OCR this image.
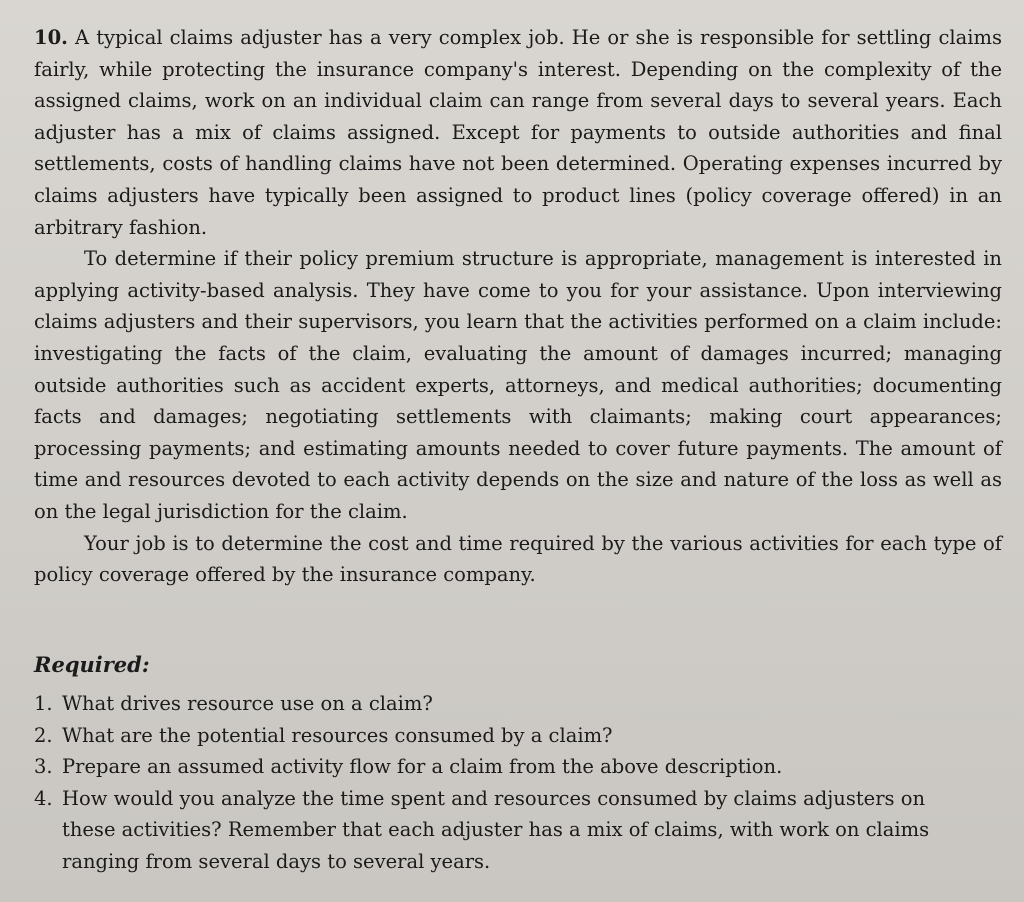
10. A typical claims adjuster has a very complex job. He or she is responsible for settling claims fairly, while protecting the insurance company's interest. Depending on the complexity of the assigned claims, work on an individual claim can range from several days to several years. Each adjuster has a mix of claims assigned. Except for payments to outside authorities and final settlements, costs of handling claims have not been determined. Operating expenses incurred by claims adjusters have typically been assigned to product lines (policy coverage offered) in an arbitrary fashion.

To determine if their policy premium structure is appropriate, management is interested in applying activity-based analysis. They have come to you for your assistance. Upon interviewing claims adjusters and their supervisors, you learn that the activities performed on a claim include: investigating the facts of the claim, evaluating the amount of damages incurred; managing outside authorities such as accident experts, attorneys, and medical authorities; documenting facts and damages; negotiating settlements with claimants; making court appearances; processing payments; and estimating amounts needed to cover future payments. The amount of time and resources devoted to each activity depends on the size and nature of the loss as well as on the legal jurisdiction for the claim.

Your job is to determine the cost and time required by the various activities for each type of policy coverage offered by the insurance company.

Required:
1. What drives resource use on a claim?
2. What are the potential resources consumed by a claim?
3. Prepare an assumed activity flow for a claim from the above description.
4. How would you analyze the time spent and resources consumed by claims adjusters on these activities? Remember that each adjuster has a mix of claims, with work on claims ranging from several days to several years.
